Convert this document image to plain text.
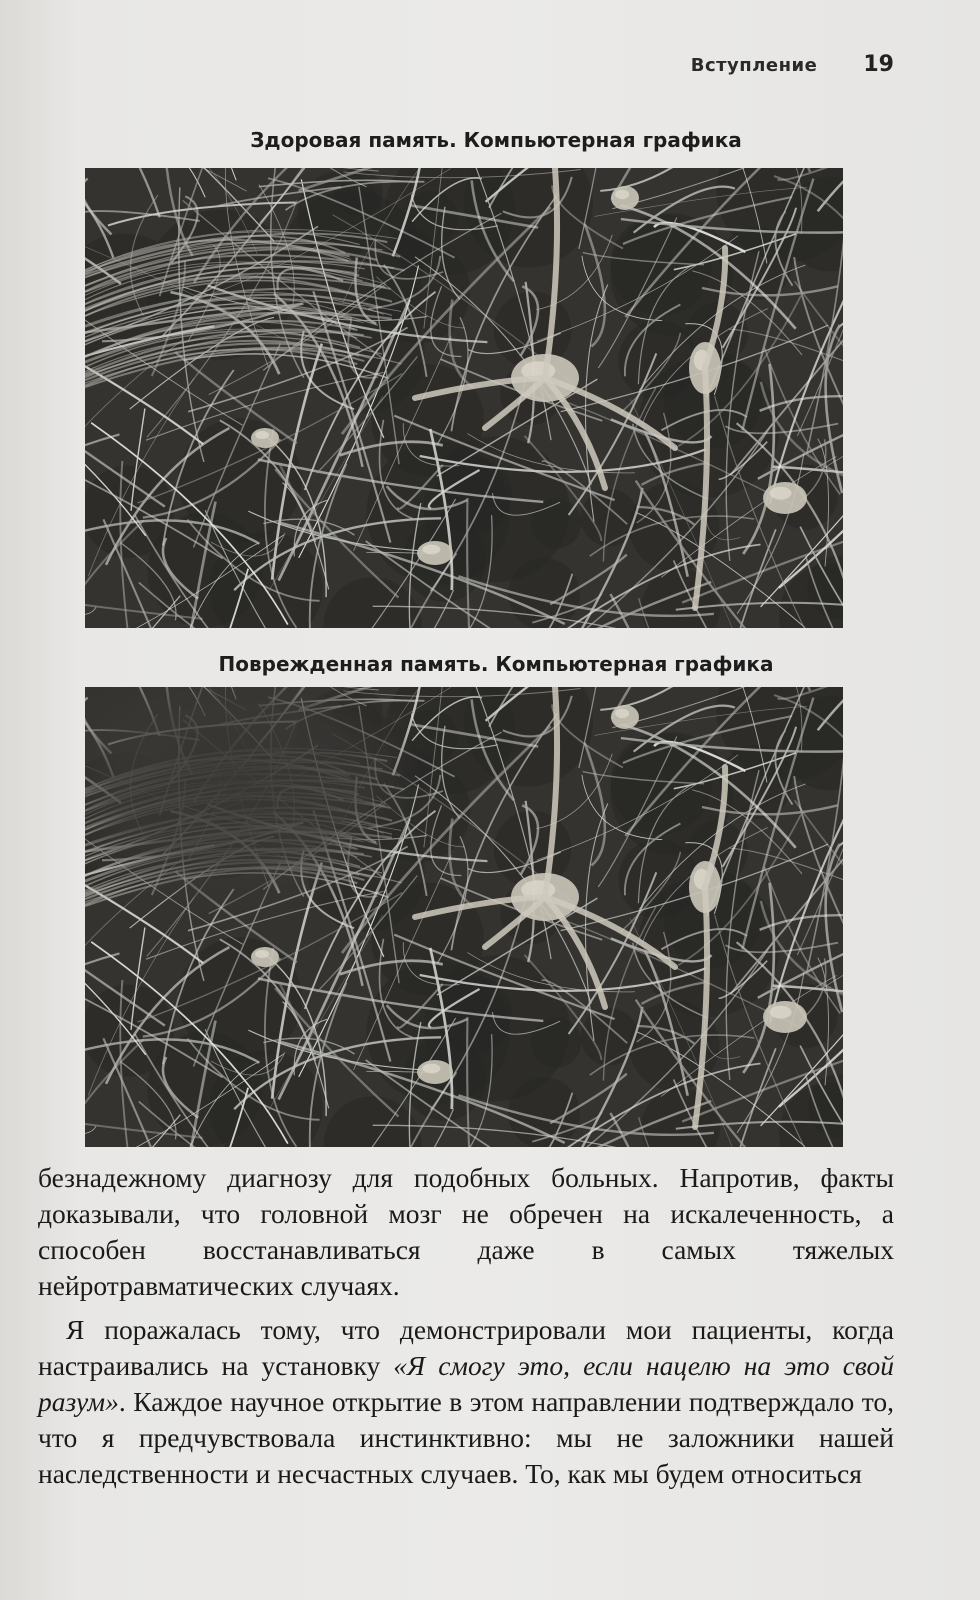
Вступление 19
Здоровая память. Компьютерная графика
Поврежденная память. Компьютерная графика

безнадежному диагнозу для подобных больных. Напротив, факты доказывали, что головной мозг не обречен на искалеченность, а способен восстанавливаться даже в самых тяжелых нейротравматических случаях.

Я поражалась тому, что демонстрировали мои пациенты, когда настраивались на установку «Я смогу это, если нацелю на это свой разум». Каждое научное открытие в этом направлении подтверждало то, что я предчувствовала инстинктивно: мы не заложники нашей наследственности и несчастных случаев. То, как мы будем относиться
